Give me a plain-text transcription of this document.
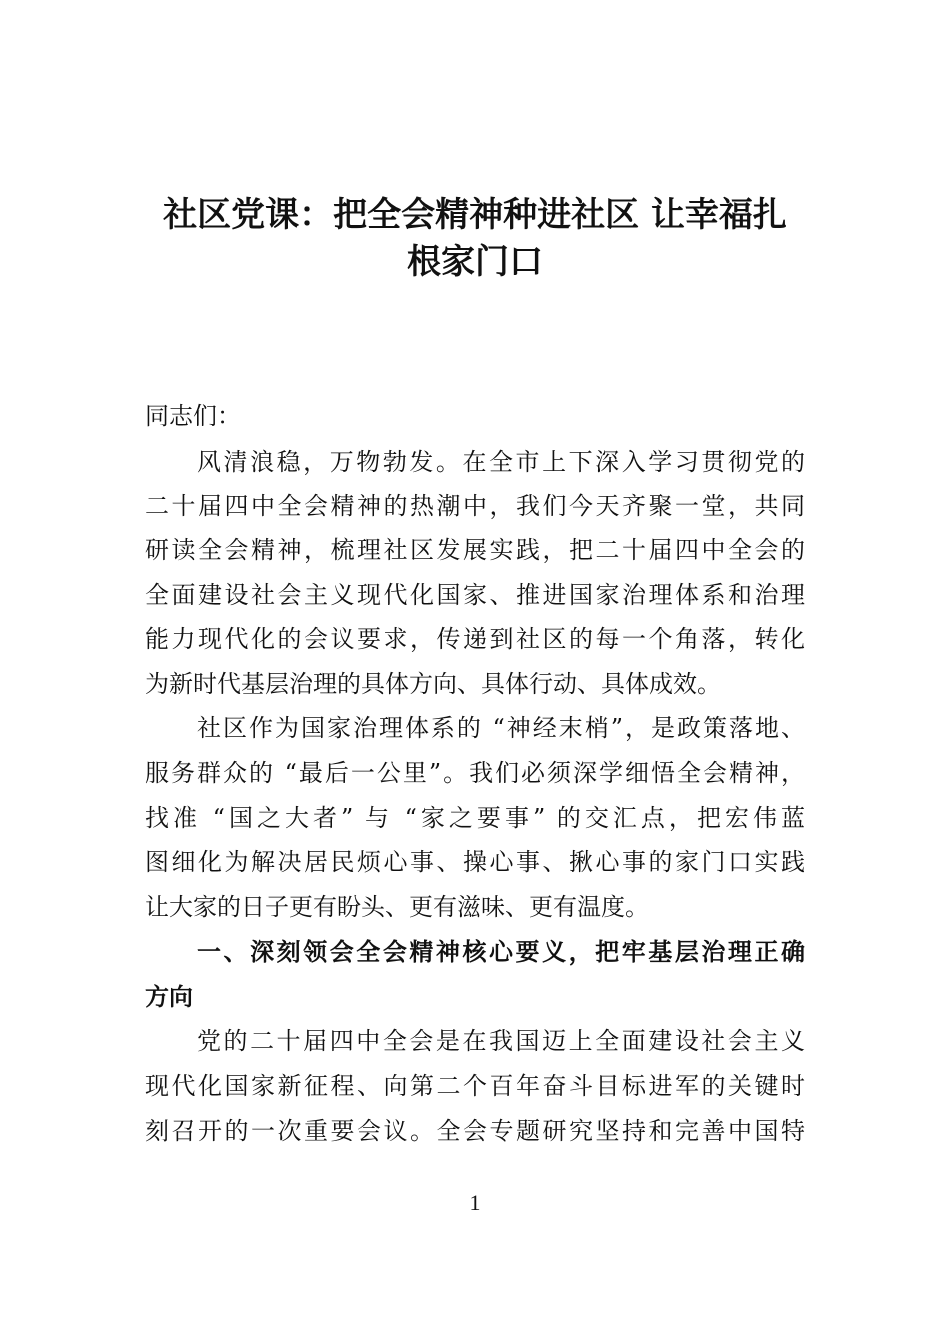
社区党课：把全会精神种进社区 让幸福扎
根家门口
同志们：
风清浪稳，万物勃发。在全市上下深入学习贯彻党的
二十届四中全会精神的热潮中，我们今天齐聚一堂，共同
研读全会精神，梳理社区发展实践，把二十届四中全会的
全面建设社会主义现代化国家、推进国家治理体系和治理
能力现代化的会议要求，传递到社区的每一个角落，转化
为新时代基层治理的具体方向、具体行动、具体成效。
社区作为国家治理体系的 “神经末梢”，是政策落地、
服务群众的 “最后一公里”。我们必须深学细悟全会精神，
找准 “国之大者” 与 “家之要事” 的交汇点，把宏伟蓝
图细化为解决居民烦心事、操心事、揪心事的家门口实践
让大家的日子更有盼头、更有滋味、更有温度。
一、深刻领会全会精神核心要义，把牢基层治理正确
方向
党的二十届四中全会是在我国迈上全面建设社会主义
现代化国家新征程、向第二个百年奋斗目标进军的关键时
刻召开的一次重要会议。全会专题研究坚持和完善中国特
1
